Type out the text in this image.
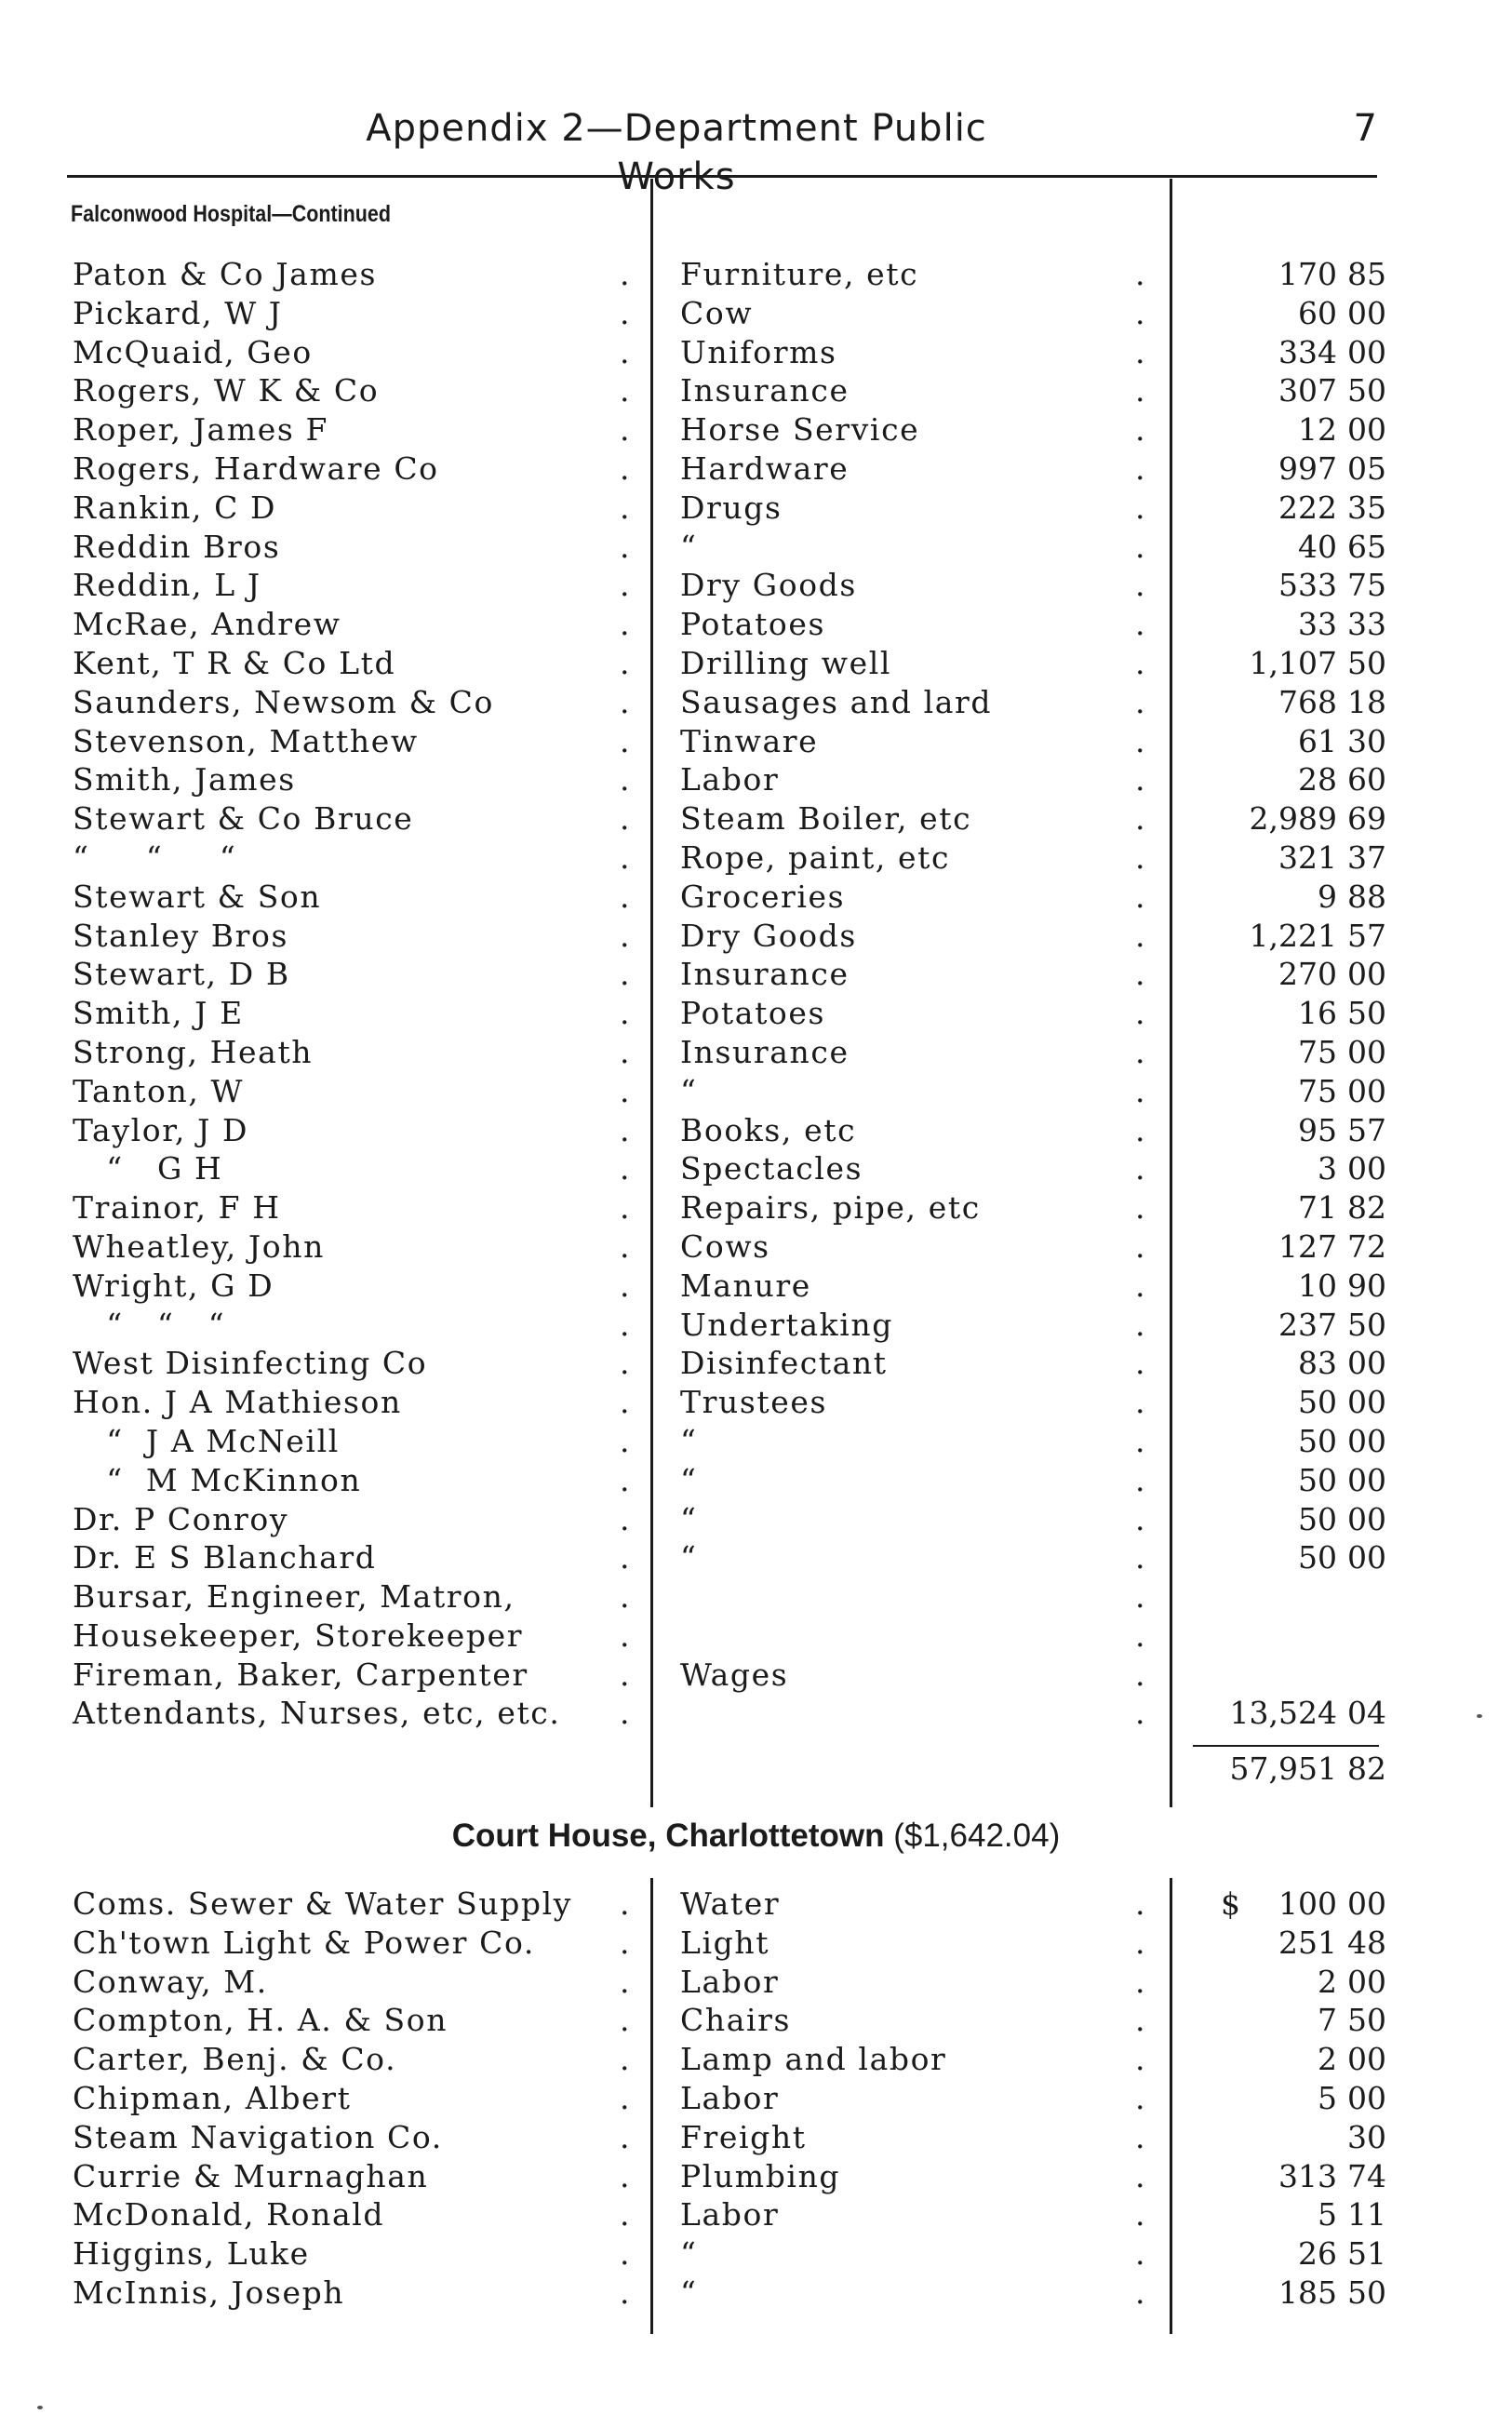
Appendix 2—Department Public Works
7
Falconwood Hospital—Continued
Paton & Co James	. Furniture, etc	.	170 85
Pickard, W J	. Cow	.	60 00
McQuaid, Geo	. Uniforms	.	334 00
Rogers, W K & Co	. Insurance	.	307 50
Roper, James F	. Horse Service	.	12 00
Rogers, Hardware Co	. Hardware	.	997 05
Rankin, C D	. Drugs	.	222 35
Reddin Bros	. “	.	40 65
Reddin, L J	. Dry Goods	.	533 75
McRae, Andrew	. Potatoes	.	33 33
Kent, T R & Co Ltd	. Drilling well	.	1,107 50
Saunders, Newsom & Co	. Sausages and lard	.	768 18
Stevenson, Matthew	. Tinware	.	61 30
Smith, James	. Labor	.	28 60
Stewart & Co Bruce	. Steam Boiler, etc	.	2,989 69
“     “     “	. Rope, paint, etc	.	321 37
Stewart & Son	. Groceries	.	9 88
Stanley Bros	. Dry Goods	.	1,221 57
Stewart, D B	. Insurance	.	270 00
Smith, J E	. Potatoes	.	16 50
Strong, Heath	. Insurance	.	75 00
Tanton, W	. “	.	75 00
Taylor, J D	. Books, etc	.	95 57
“   G H	. Spectacles	.	3 00
Trainor, F H	. Repairs, pipe, etc	.	71 82
Wheatley, John	. Cows	.	127 72
Wright, G D	. Manure	.	10 90
“   “   “	. Undertaking	.	237 50
West Disinfecting Co	. Disinfectant	.	83 00
Hon. J A Mathieson	. Trustees	.	50 00
“  J A McNeill	. “	.	50 00
“  M McKinnon	. “	.	50 00
Dr. P Conroy	. “	.	50 00
Dr. E S Blanchard	. “	.	50 00
Bursar, Engineer, Matron,	.	.
Housekeeper, Storekeeper	.	.
Fireman, Baker, Carpenter	. Wages	.
Attendants, Nurses, etc, etc. .	.	13,524 04
57,951 82
Court House, Charlottetown ($1,642.04)
Coms. Sewer & Water Supply . Water	.	100 00
$
Ch'town Light & Power Co.	. Light	.	251 48
Conway, M.	. Labor	.	2 00
Compton, H. A. & Son	. Chairs	.	7 50
Carter, Benj. & Co.	. Lamp and labor	.	2 00
Chipman, Albert	. Labor	.	5 00
Steam Navigation Co.	. Freight	.	30
Currie & Murnaghan	. Plumbing	.	313 74
McDonald, Ronald	. Labor	.	5 11
Higgins, Luke	. “	.	26 51
McInnis, Joseph	. “	.	185 50
